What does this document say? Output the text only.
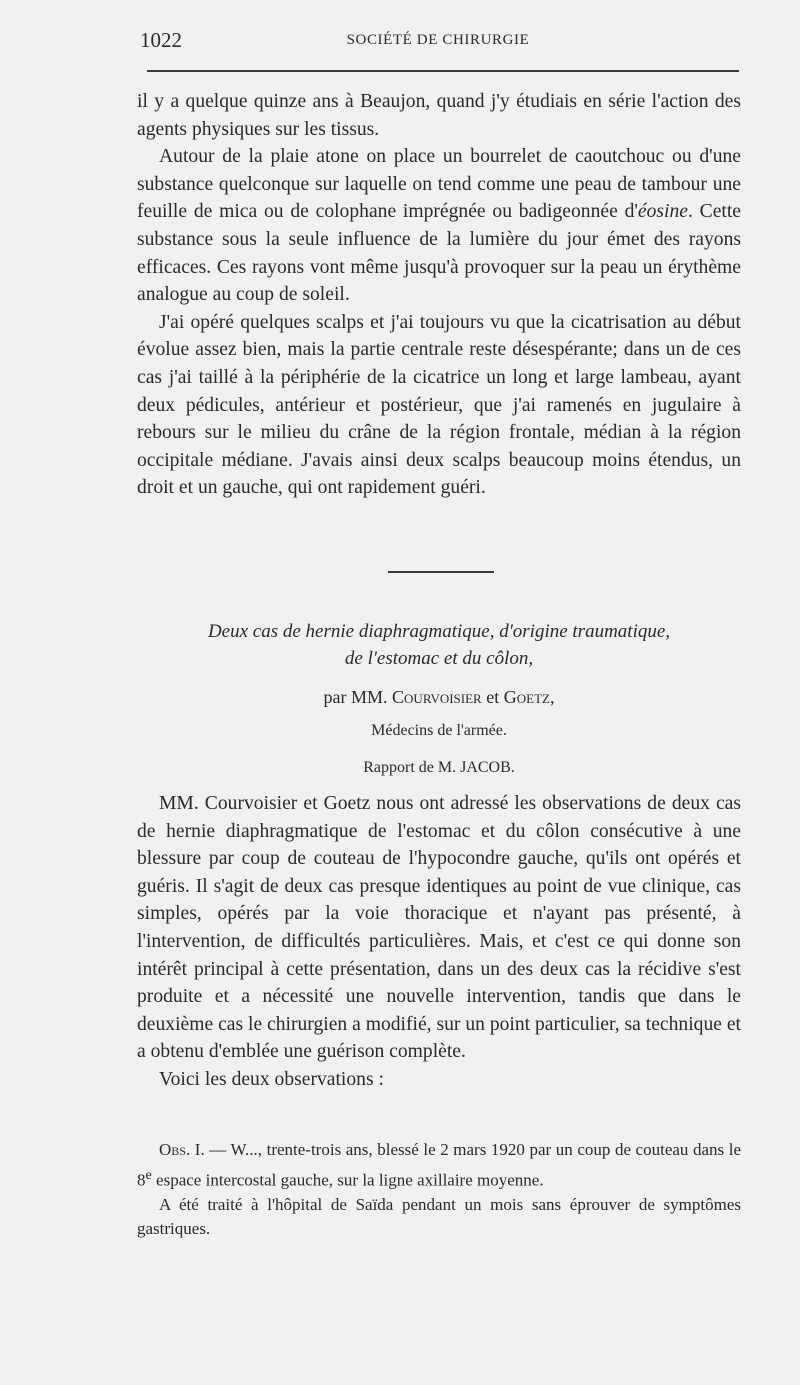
1022	SOCIÉTÉ DE CHIRURGIE

il y a quelque quinze ans à Beaujon, quand j'y étudiais en série l'action des agents physiques sur les tissus.

Autour de la plaie atone on place un bourrelet de caoutchouc ou d'une substance quelconque sur laquelle on tend comme une peau de tambour une feuille de mica ou de colophane imprégnée ou badigeonnée d'éosine. Cette substance sous la seule influence de la lumière du jour émet des rayons efficaces. Ces rayons vont même jusqu'à provoquer sur la peau un érythème analogue au coup de soleil.

J'ai opéré quelques scalps et j'ai toujours vu que la cicatrisation au début évolue assez bien, mais la partie centrale reste désespérante; dans un de ces cas j'ai taillé à la périphérie de la cicatrice un long et large lambeau, ayant deux pédicules, antérieur et postérieur, que j'ai ramenés en jugulaire à rebours sur le milieu du crâne de la région frontale, médian à la région occipitale médiane. J'avais ainsi deux scalps beaucoup moins étendus, un droit et un gauche, qui ont rapidement guéri.

Deux cas de hernie diaphragmatique, d'origine traumatique,
de l'estomac et du côlon,
par MM. Courvoisier et Goetz,
Médecins de l'armée.
Rapport de M. JACOB.

MM. Courvoisier et Goetz nous ont adressé les observations de deux cas de hernie diaphragmatique de l'estomac et du côlon consécutive à une blessure par coup de couteau de l'hypocondre gauche, qu'ils ont opérés et guéris. Il s'agit de deux cas presque identiques au point de vue clinique, cas simples, opérés par la voie thoracique et n'ayant pas présenté, à l'intervention, de difficultés particulières. Mais, et c'est ce qui donne son intérêt principal à cette présentation, dans un des deux cas la récidive s'est produite et a nécessité une nouvelle intervention, tandis que dans le deuxième cas le chirurgien a modifié, sur un point particulier, sa technique et a obtenu d'emblée une guérison complète.

Voici les deux observations :

Obs. I. — W..., trente-trois ans, blessé le 2 mars 1920 par un coup de couteau dans le 8e espace intercostal gauche, sur la ligne axillaire moyenne.

A été traité à l'hôpital de Saïda pendant un mois sans éprouver de symptômes gastriques.
